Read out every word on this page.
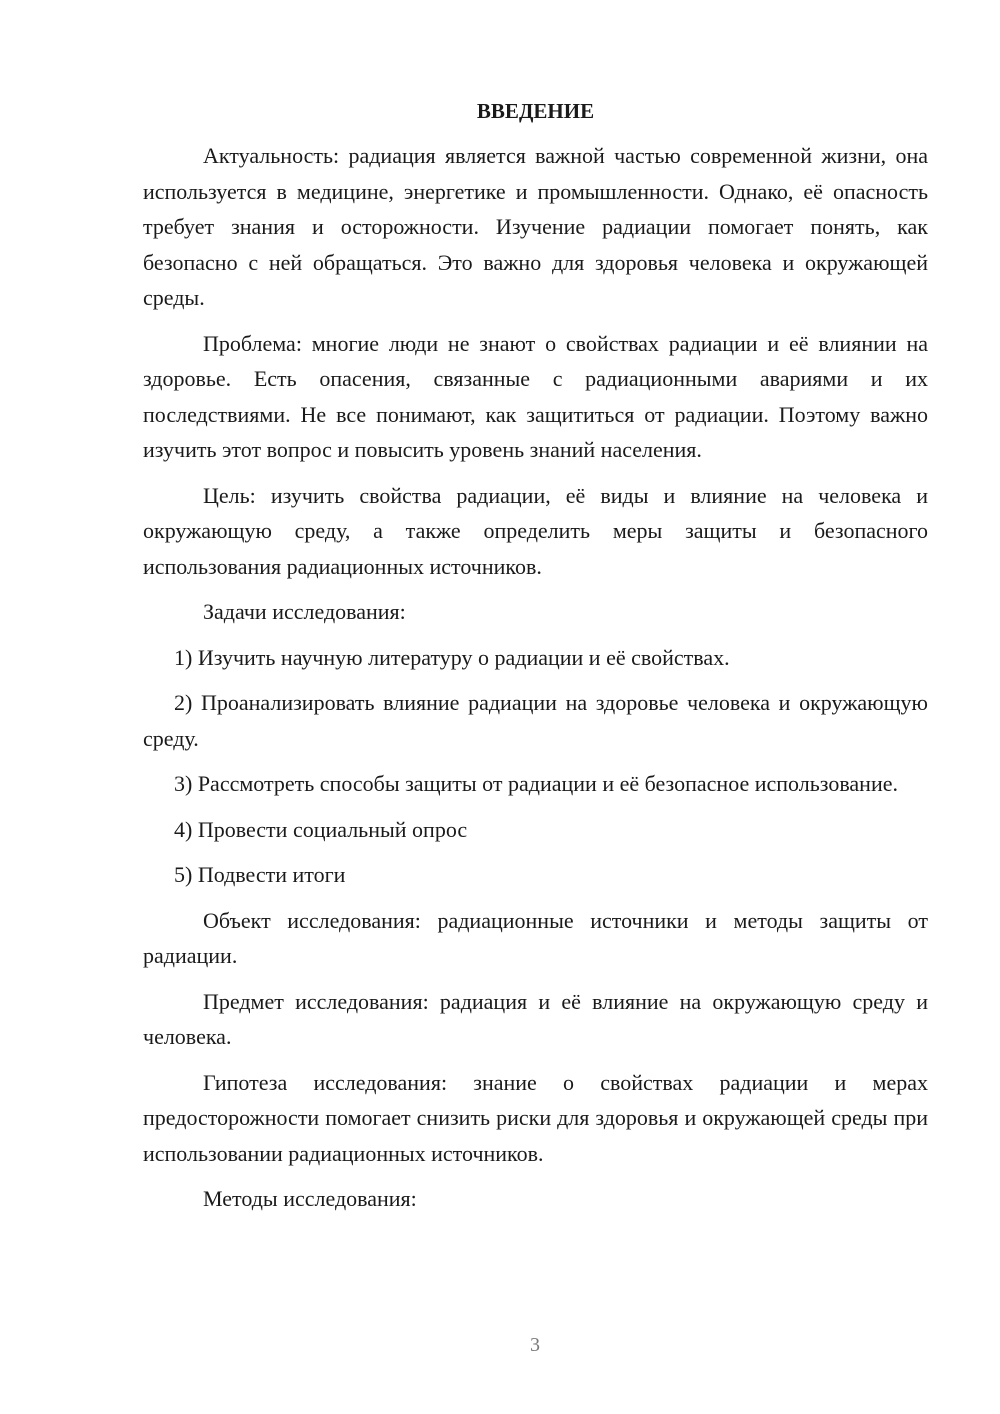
ВВЕДЕНИЕ

Актуальность: радиация является важной частью современной жизни, она используется в медицине, энергетике и промышленности. Однако, её опасность требует знания и осторожности. Изучение радиации помогает понять, как безопасно с ней обращаться. Это важно для здоровья человека и окружающей среды.

Проблема: многие люди не знают о свойствах радиации и её влиянии на здоровье. Есть опасения, связанные с радиационными авариями и их последствиями. Не все понимают, как защититься от радиации. Поэтому важно изучить этот вопрос и повысить уровень знаний населения.

Цель: изучить свойства радиации, её виды и влияние на человека и окружающую среду, а также определить меры защиты и безопасного использования радиационных источников.

Задачи исследования:

1) Изучить научную литературу о радиации и её свойствах.

2) Проанализировать влияние радиации на здоровье человека и окружающую среду.

3) Рассмотреть способы защиты от радиации и её безопасное использование.

4) Провести социальный опрос

5) Подвести итоги

Объект исследования: радиационные источники и методы защиты от радиации.

Предмет исследования: радиация и её влияние на окружающую среду и человека.

Гипотеза исследования: знание о свойствах радиации и мерах предосторожности помогает снизить риски для здоровья и окружающей среды при использовании радиационных источников.

Методы исследования:

3
